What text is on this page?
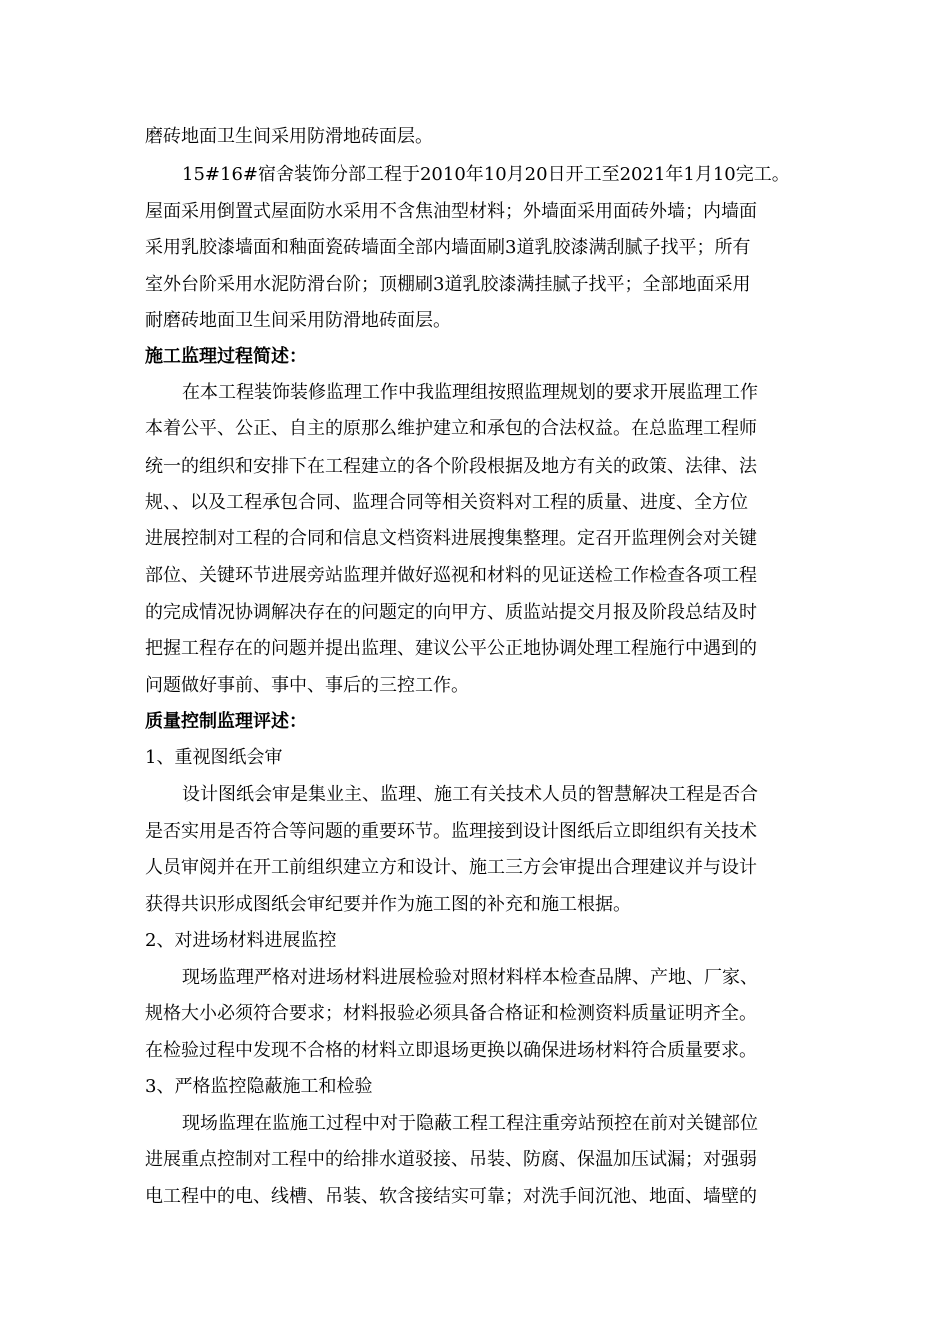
磨砖地面卫生间采用防滑地砖面层。
15#16#宿舍装饰分部工程于2010年10月20日开工至2021年1月10完工。
屋面采用倒置式屋面防水采用不含焦油型材料；外墙面采用面砖外墙；内墙面
采用乳胶漆墙面和釉面瓷砖墙面全部内墙面刷3道乳胶漆满刮腻子找平；所有
室外台阶采用水泥防滑台阶；顶棚刷3道乳胶漆满挂腻子找平；全部地面采用
耐磨砖地面卫生间采用防滑地砖面层。
施工监理过程简述：
在本工程装饰装修监理工作中我监理组按照监理规划的要求开展监理工作
本着公平、公正、自主的原那么维护建立和承包的合法权益。在总监理工程师
统一的组织和安排下在工程建立的各个阶段根据及地方有关的政策、法律、法
规、、以及工程承包合同、监理合同等相关资料对工程的质量、进度、全方位
进展控制对工程的合同和信息文档资料进展搜集整理。定召开监理例会对关键
部位、关键环节进展旁站监理并做好巡视和材料的见证送检工作检查各项工程
的完成情况协调解决存在的问题定的向甲方、质监站提交月报及阶段总结及时
把握工程存在的问题并提出监理、建议公平公正地协调处理工程施行中遇到的
问题做好事前、事中、事后的三控工作。
质量控制监理评述：
1、重视图纸会审
设计图纸会审是集业主、监理、施工有关技术人员的智慧解决工程是否合
是否实用是否符合等问题的重要环节。监理接到设计图纸后立即组织有关技术
人员审阅并在开工前组织建立方和设计、施工三方会审提出合理建议并与设计
获得共识形成图纸会审纪要并作为施工图的补充和施工根据。
2、对进场材料进展监控
现场监理严格对进场材料进展检验对照材料样本检查品牌、产地、厂家、
规格大小必须符合要求；材料报验必须具备合格证和检测资料质量证明齐全。
在检验过程中发现不合格的材料立即退场更换以确保进场材料符合质量要求。
3、严格监控隐蔽施工和检验
现场监理在监施工过程中对于隐蔽工程工程注重旁站预控在前对关键部位
进展重点控制对工程中的给排水道驳接、吊装、防腐、保温加压试漏；对强弱
电工程中的电、线槽、吊装、软含接结实可靠；对洗手间沉池、地面、墙壁的
